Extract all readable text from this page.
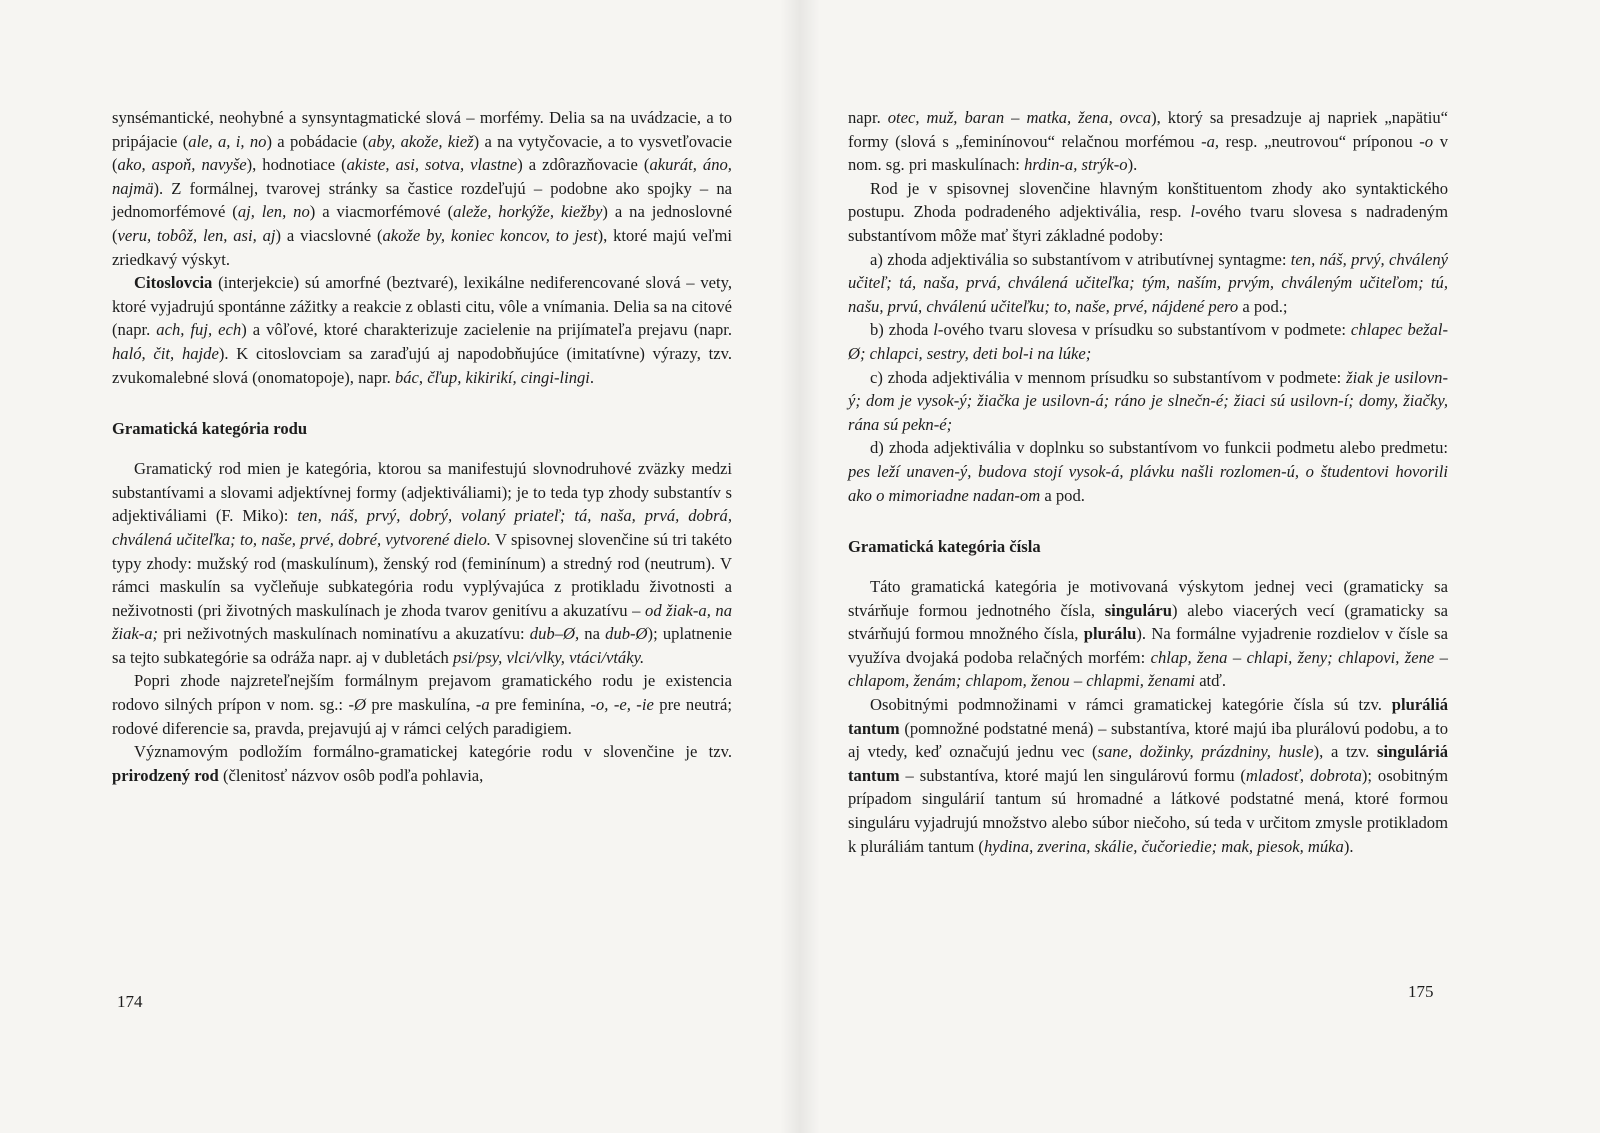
synsémantické, neohybné a synsyntagmatické slová – morfémy. Delia sa na uvádzacie, a to pripájacie (ale, a, i, no) a pobádacie (aby, akože, kiež) a na vytyčovacie, a to vysvetľovacie (ako, aspoň, navyše), hodnotiace (akiste, asi, sotva, vlastne) a zdôrazňovacie (akurát, áno, najmä). Z formálnej, tvarovej stránky sa častice rozdeľujú – podobne ako spojky – na jednomorfémové (aj, len, no) a viacmorfémové (aleže, horkýže, kiežby) a na jednoslovné (veru, tobôž, len, asi, aj) a viacslovné (akože by, koniec koncov, to jest), ktoré majú veľmi zriedkavý výskyt.

Citoslovcia (interjekcie) sú amorfné (beztvaré), lexikálne nediferencované slová – vety, ktoré vyjadrujú spontánne zážitky a reakcie z oblasti citu, vôle a vnímania. Delia sa na citové (napr. ach, fuj, ech) a vôľové, ktoré charakterizuje zacielenie na prijímateľa prejavu (napr. haló, čit, hajde). K citoslovciam sa zaraďujú aj napodobňujúce (imitatívne) výrazy, tzv. zvukomalebné slová (onomatopoje), napr. bác, čľup, kikirikí, cingi-lingi.

Gramatická kategória rodu

Gramatický rod mien je kategória, ktorou sa manifestujú slovnodruhové zväzky medzi substantívami a slovami adjektívnej formy (adjektiváliami); je to teda typ zhody substantív s adjektiváliami (F. Miko): ten, náš, prvý, dobrý, volaný priateľ; tá, naša, prvá, dobrá, chválená učiteľka; to, naše, prvé, dobré, vytvorené dielo. V spisovnej slovenčine sú tri takéto typy zhody: mužský rod (maskulínum), ženský rod (feminínum) a stredný rod (neutrum). V rámci maskulín sa vyčleňuje subkategória rodu vyplývajúca z protikladu životnosti a neživotnosti (pri životných maskulínach je zhoda tvarov genitívu a akuzatívu – od žiak-a, na žiak-a; pri neživotných maskulínach nominatívu a akuzatívu: dub–Ø, na dub-Ø); uplatnenie sa tejto subkategórie sa odráža napr. aj v dubletách psi/psy, vlci/vlky, vtáci/vtáky.

Popri zhode najzreteľnejším formálnym prejavom gramatického rodu je existencia rodovo silných prípon v nom. sg.: -Ø pre maskulína, -a pre feminína, -o, -e, -ie pre neutrá; rodové diferencie sa, pravda, prejavujú aj v rámci celých paradigiem.

Významovým podložím formálno-gramatickej kategórie rodu v slovenčine je tzv. prirodzený rod (členitosť názvov osôb podľa pohlavia,

174

napr. otec, muž, baran – matka, žena, ovca), ktorý sa presadzuje aj napriek „napätiu“ formy (slová s „feminínovou“ relačnou morfémou -a, resp. „neutrovou“ príponou -o v nom. sg. pri maskulínach: hrdin-a, strýk-o).

Rod je v spisovnej slovenčine hlavným konštituentom zhody ako syntaktického postupu. Zhoda podradeného adjektivália, resp. l-ového tvaru slovesa s nadradeným substantívom môže mať štyri základné podoby:

a) zhoda adjektivália so substantívom v atributívnej syntagme: ten, náš, prvý, chválený učiteľ; tá, naša, prvá, chválená učiteľka; tým, naším, prvým, chváleným učiteľom; tú, našu, prvú, chválenú učiteľku; to, naše, prvé, nájdené pero a pod.;

b) zhoda l-ového tvaru slovesa v prísudku so substantívom v podmete: chlapec bežal-Ø; chlapci, sestry, deti bol-i na lúke;

c) zhoda adjektivália v mennom prísudku so substantívom v podmete: žiak je usilovn-ý; dom je vysok-ý; žiačka je usilovn-á; ráno je slnečn-é; žiaci sú usilovn-í; domy, žiačky, rána sú pekn-é;

d) zhoda adjektivália v doplnku so substantívom vo funkcii podmetu alebo predmetu: pes leží unaven-ý, budova stojí vysok-á, plávku našli rozlomen-ú, o študentovi hovorili ako o mimoriadne nadan-om a pod.

Gramatická kategória čísla

Táto gramatická kategória je motivovaná výskytom jednej veci (gramaticky sa stvárňuje formou jednotného čísla, singuláru) alebo viacerých vecí (gramaticky sa stvárňujú formou množného čísla, plurálu). Na formálne vyjadrenie rozdielov v čísle sa využíva dvojaká podoba relačných morfém: chlap, žena – chlapi, ženy; chlapovi, žene – chlapom, ženám; chlapom, ženou – chlapmi, ženami atď.

Osobitnými podmnožinami v rámci gramatickej kategórie čísla sú tzv. pluráliá tantum (pomnožné podstatné mená) – substantíva, ktoré majú iba plurálovú podobu, a to aj vtedy, keď označujú jednu vec (sane, dožinky, prázdniny, husle), a tzv. singuláriá tantum – substantíva, ktoré majú len singulárovú formu (mladosť, dobrota); osobitným prípadom singulárií tantum sú hromadné a látkové podstatné mená, ktoré formou singuláru vyjadrujú množstvo alebo súbor niečoho, sú teda v určitom zmysle protikladom k pluráliám tantum (hydina, zverina, skálie, čučoriedie; mak, piesok, múka).

175
